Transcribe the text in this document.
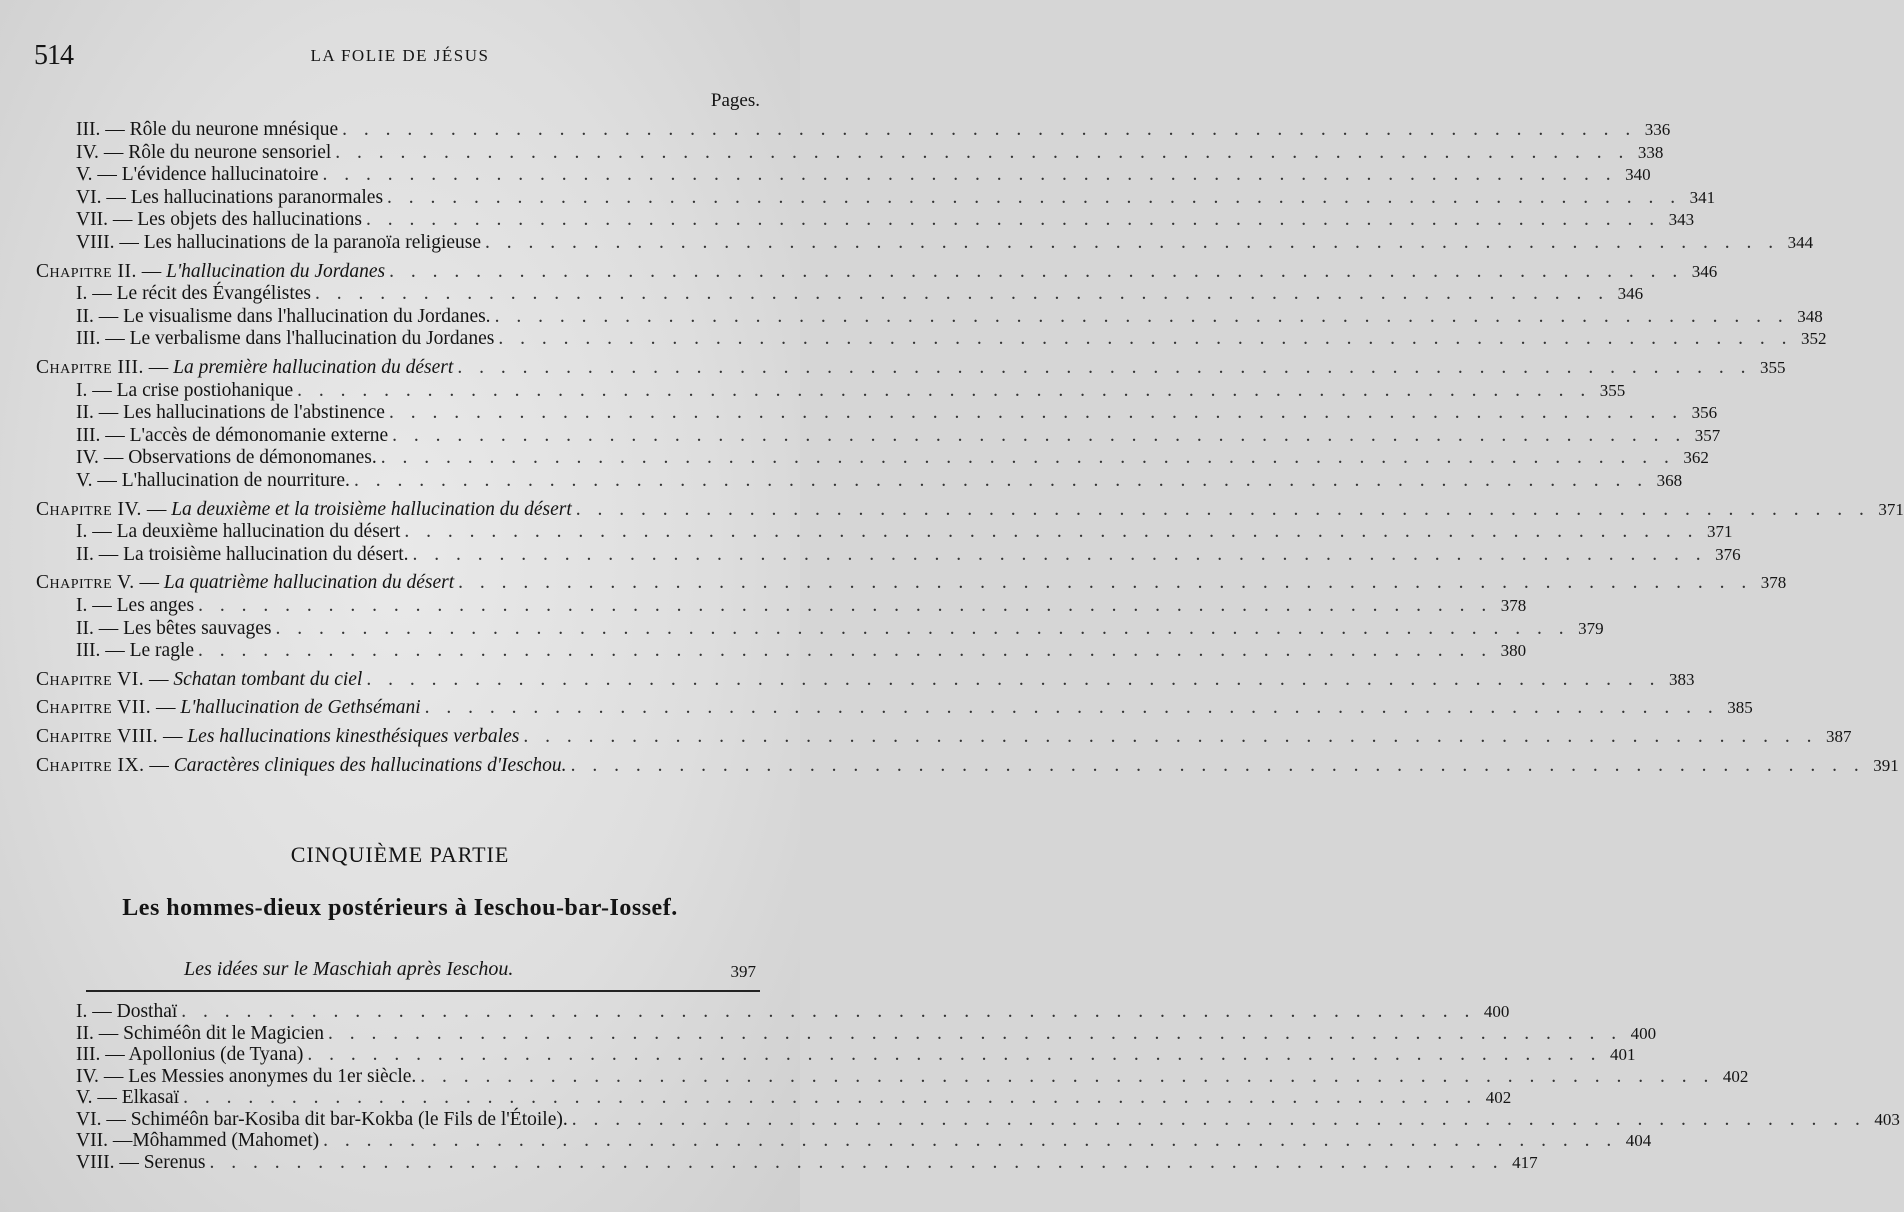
514	LA FOLIE DE JÉSUS
Pages.
III. — Rôle du neurone mnésique . . . . . . . . . . . . . . . . . . . . . . . . . . . . . . . . . . . . . . . . . . . . . . . . . . . . . . . . . . . . 336
IV. — Rôle du neurone sensoriel . . . . . . . . . . . . . . . . . . . . . . . . . . . . . . . . . . . . . . . . . . . . . . . . . . . . . . . . . . . . 338
V. — L'évidence hallucinatoire . . . . . . . . . . . . . . . . . . . . . . . . . . . . . . . . . . . . . . . . . . . . . . . . . . . . . . . . . . . . 340
VI. — Les hallucinations paranormales . . . . . . . . . . . . . . . . . . . . . . . . . . . . . . . . . . . . . . . . . . . . . . . . . . . . . . . . . . . . 341
VII. — Les objets des hallucinations . . . . . . . . . . . . . . . . . . . . . . . . . . . . . . . . . . . . . . . . . . . . . . . . . . . . . . . . . . . . 343
VIII. — Les hallucinations de la paranoïa religieuse . . . . . . . . . . . . . . . . . . . . . . . . . . . . . . . . . . . . . . . . . . . . . . . . . . . . . . . . . . . . 344
Chapitre II. — L'hallucination du Jordanes . . . . . . . . . . . . . . . . . . . . . . . . . . . . . . . . . . . . . . . . . . . . . . . . . . . . . . . . . . . . 346
I. — Le récit des Évangélistes . . . . . . . . . . . . . . . . . . . . . . . . . . . . . . . . . . . . . . . . . . . . . . . . . . . . . . . . . . . . 346
II. — Le visualisme dans l'hallucination du Jordanes. . . . . . . . . . . . . . . . . . . . . . . . . . . . . . . . . . . . . . . . . . . . . . . . . . . . . . . . . . . . . 348
III. — Le verbalisme dans l'hallucination du Jordanes . . . . . . . . . . . . . . . . . . . . . . . . . . . . . . . . . . . . . . . . . . . . . . . . . . . . . . . . . . . . 352
Chapitre III. — La première hallucination du désert . . . . . . . . . . . . . . . . . . . . . . . . . . . . . . . . . . . . . . . . . . . . . . . . . . . . . . . . . . . . 355
I. — La crise postiohanique . . . . . . . . . . . . . . . . . . . . . . . . . . . . . . . . . . . . . . . . . . . . . . . . . . . . . . . . . . . . 355
II. — Les hallucinations de l'abstinence . . . . . . . . . . . . . . . . . . . . . . . . . . . . . . . . . . . . . . . . . . . . . . . . . . . . . . . . . . . . 356
III. — L'accès de démonomanie externe . . . . . . . . . . . . . . . . . . . . . . . . . . . . . . . . . . . . . . . . . . . . . . . . . . . . . . . . . . . . 357
IV. — Observations de démonomanes. . . . . . . . . . . . . . . . . . . . . . . . . . . . . . . . . . . . . . . . . . . . . . . . . . . . . . . . . . . . . 362
V. — L'hallucination de nourriture. . . . . . . . . . . . . . . . . . . . . . . . . . . . . . . . . . . . . . . . . . . . . . . . . . . . . . . . . . . . . 368
Chapitre IV. — La deuxième et la troisième hallucination du désert . . . . . . . . . . . . . . . . . . . . . . . . . . . . . . . . . . . . . . . . . . . . . . . . . . . . . . . . . . . . 371
I. — La deuxième hallucination du désert . . . . . . . . . . . . . . . . . . . . . . . . . . . . . . . . . . . . . . . . . . . . . . . . . . . . . . . . . . . . 371
II. — La troisième hallucination du désert. . . . . . . . . . . . . . . . . . . . . . . . . . . . . . . . . . . . . . . . . . . . . . . . . . . . . . . . . . . . . 376
Chapitre V. — La quatrième hallucination du désert . . . . . . . . . . . . . . . . . . . . . . . . . . . . . . . . . . . . . . . . . . . . . . . . . . . . . . . . . . . . 378
I. — Les anges . . . . . . . . . . . . . . . . . . . . . . . . . . . . . . . . . . . . . . . . . . . . . . . . . . . . . . . . . . . . 378
II. — Les bêtes sauvages . . . . . . . . . . . . . . . . . . . . . . . . . . . . . . . . . . . . . . . . . . . . . . . . . . . . . . . . . . . . 379
III. — Le ragle . . . . . . . . . . . . . . . . . . . . . . . . . . . . . . . . . . . . . . . . . . . . . . . . . . . . . . . . . . . . 380
Chapitre VI. — Schatan tombant du ciel . . . . . . . . . . . . . . . . . . . . . . . . . . . . . . . . . . . . . . . . . . . . . . . . . . . . . . . . . . . . 383
Chapitre VII. — L'hallucination de Gethsémani . . . . . . . . . . . . . . . . . . . . . . . . . . . . . . . . . . . . . . . . . . . . . . . . . . . . . . . . . . . . 385
Chapitre VIII. — Les hallucinations kinesthésiques verbales . . . . . . . . . . . . . . . . . . . . . . . . . . . . . . . . . . . . . . . . . . . . . . . . . . . . . . . . . . . . 387
Chapitre IX. — Caractères cliniques des hallucinations d'Ieschou. . . . . . . . . . . . . . . . . . . . . . . . . . . . . . . . . . . . . . . . . . . . . . . . . . . . . . . . . . . . . 391
CINQUIÈME PARTIE
Les hommes-dieux postérieurs à Ieschou-bar-Iossef.
Les idées sur le Maschiah après Ieschou.	397
I. — Dosthaï . . . . . . . . . . . . . . . . . . . . . . . . . . . . . . . . . . . . . . . . . . . . . . . . . . . . . . . . . . . . 400
II. — Schiméôn dit le Magicien . . . . . . . . . . . . . . . . . . . . . . . . . . . . . . . . . . . . . . . . . . . . . . . . . . . . . . . . . . . . 400
III. — Apollonius (de Tyana) . . . . . . . . . . . . . . . . . . . . . . . . . . . . . . . . . . . . . . . . . . . . . . . . . . . . . . . . . . . . 401
IV. — Les Messies anonymes du 1er siècle. . . . . . . . . . . . . . . . . . . . . . . . . . . . . . . . . . . . . . . . . . . . . . . . . . . . . . . . . . . . . 402
V. — Elkasaï . . . . . . . . . . . . . . . . . . . . . . . . . . . . . . . . . . . . . . . . . . . . . . . . . . . . . . . . . . . . 402
VI. — Schiméôn bar-Kosiba dit bar-Kokba (le Fils de l'Étoile). . . . . . . . . . . . . . . . . . . . . . . . . . . . . . . . . . . . . . . . . . . . . . . . . . . . . . . . . . . . . 403
VII. —Môhammed (Mahomet) . . . . . . . . . . . . . . . . . . . . . . . . . . . . . . . . . . . . . . . . . . . . . . . . . . . . . . . . . . . . 404
VIII. — Serenus . . . . . . . . . . . . . . . . . . . . . . . . . . . . . . . . . . . . . . . . . . . . . . . . . . . . . . . . . . . . 417
